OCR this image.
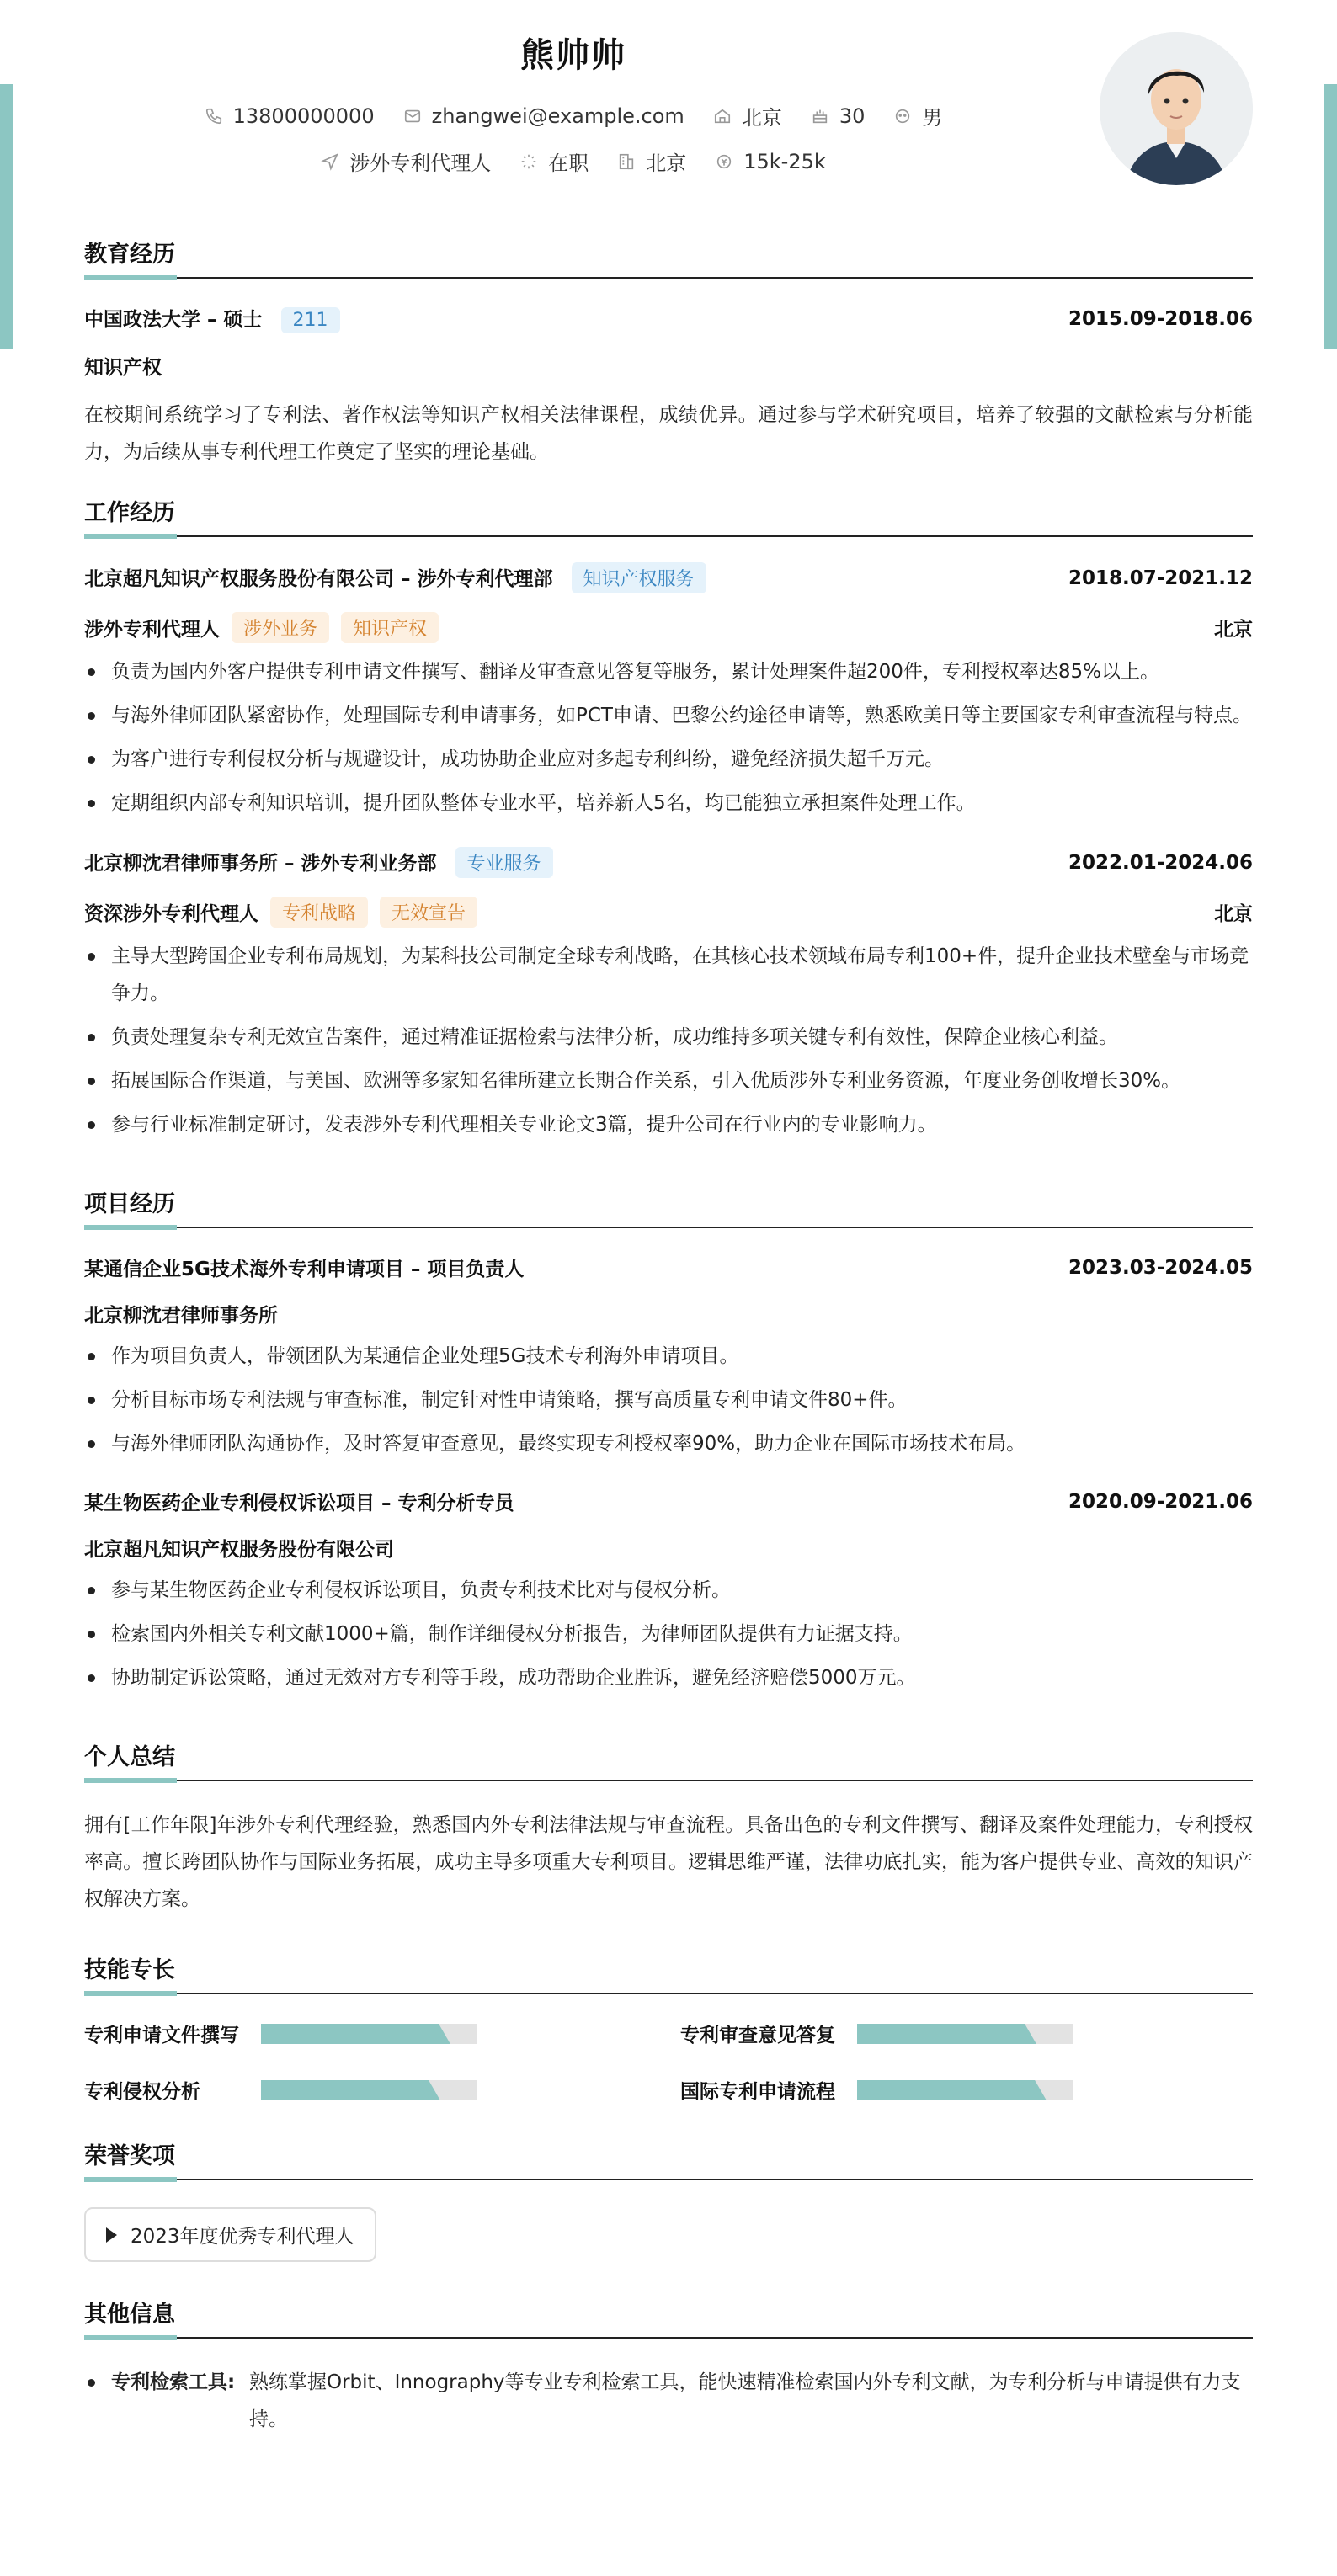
熊帅帅
13800000000	zhangwei@example.com	北京	30	男
涉外专利代理人	在职	北京	15k-25k
教育经历
中国政法大学 – 硕士 211	2015.09-2018.06
知识产权
在校期间系统学习了专利法、著作权法等知识产权相关法律课程，成绩优异。通过参与学术研究项目，培养了较强的文献检索与分析能力，为后续从事专利代理工作奠定了坚实的理论基础。
工作经历
北京超凡知识产权服务股份有限公司 – 涉外专利代理部 知识产权服务	2018.07-2021.12
涉外专利代理人	涉外业务	知识产权	北京
负责为国内外客户提供专利申请文件撰写、翻译及审查意见答复等服务，累计处理案件超200件，专利授权率达85%以上。
与海外律师团队紧密协作，处理国际专利申请事务，如PCT申请、巴黎公约途径申请等，熟悉欧美日等主要国家专利审查流程与特点。
为客户进行专利侵权分析与规避设计，成功协助企业应对多起专利纠纷，避免经济损失超千万元。
定期组织内部专利知识培训，提升团队整体专业水平，培养新人5名，均已能独立承担案件处理工作。
北京柳沈君律师事务所 – 涉外专利业务部 专业服务	2022.01-2024.06
资深涉外专利代理人	专利战略	无效宣告	北京
主导大型跨国企业专利布局规划，为某科技公司制定全球专利战略，在其核心技术领域布局专利100+件，提升企业技术壁垒与市场竞争力。
负责处理复杂专利无效宣告案件，通过精准证据检索与法律分析，成功维持多项关键专利有效性，保障企业核心利益。
拓展国际合作渠道，与美国、欧洲等多家知名律所建立长期合作关系，引入优质涉外专利业务资源，年度业务创收增长30%。
参与行业标准制定研讨，发表涉外专利代理相关专业论文3篇，提升公司在行业内的专业影响力。
项目经历
某通信企业5G技术海外专利申请项目 – 项目负责人	2023.03-2024.05
北京柳沈君律师事务所
作为项目负责人，带领团队为某通信企业处理5G技术专利海外申请项目。
分析目标市场专利法规与审查标准，制定针对性申请策略，撰写高质量专利申请文件80+件。
与海外律师团队沟通协作，及时答复审查意见，最终实现专利授权率90%，助力企业在国际市场技术布局。
某生物医药企业专利侵权诉讼项目 – 专利分析专员	2020.09-2021.06
北京超凡知识产权服务股份有限公司
参与某生物医药企业专利侵权诉讼项目，负责专利技术比对与侵权分析。
检索国内外相关专利文献1000+篇，制作详细侵权分析报告，为律师团队提供有力证据支持。
协助制定诉讼策略，通过无效对方专利等手段，成功帮助企业胜诉，避免经济赔偿5000万元。
个人总结
拥有[工作年限]年涉外专利代理经验，熟悉国内外专利法律法规与审查流程。具备出色的专利文件撰写、翻译及案件处理能力，专利授权率高。擅长跨团队协作与国际业务拓展，成功主导多项重大专利项目。逻辑思维严谨，法律功底扎实，能为客户提供专业、高效的知识产权解决方案。
技能专长
专利申请文件撰写	专利审查意见答复
专利侵权分析	国际专利申请流程
荣誉奖项
2023年度优秀专利代理人
其他信息
专利检索工具: 熟练掌握Orbit、Innography等专业专利检索工具，能快速精准检索国内外专利文献，为专利分析与申请提供有力支持。
